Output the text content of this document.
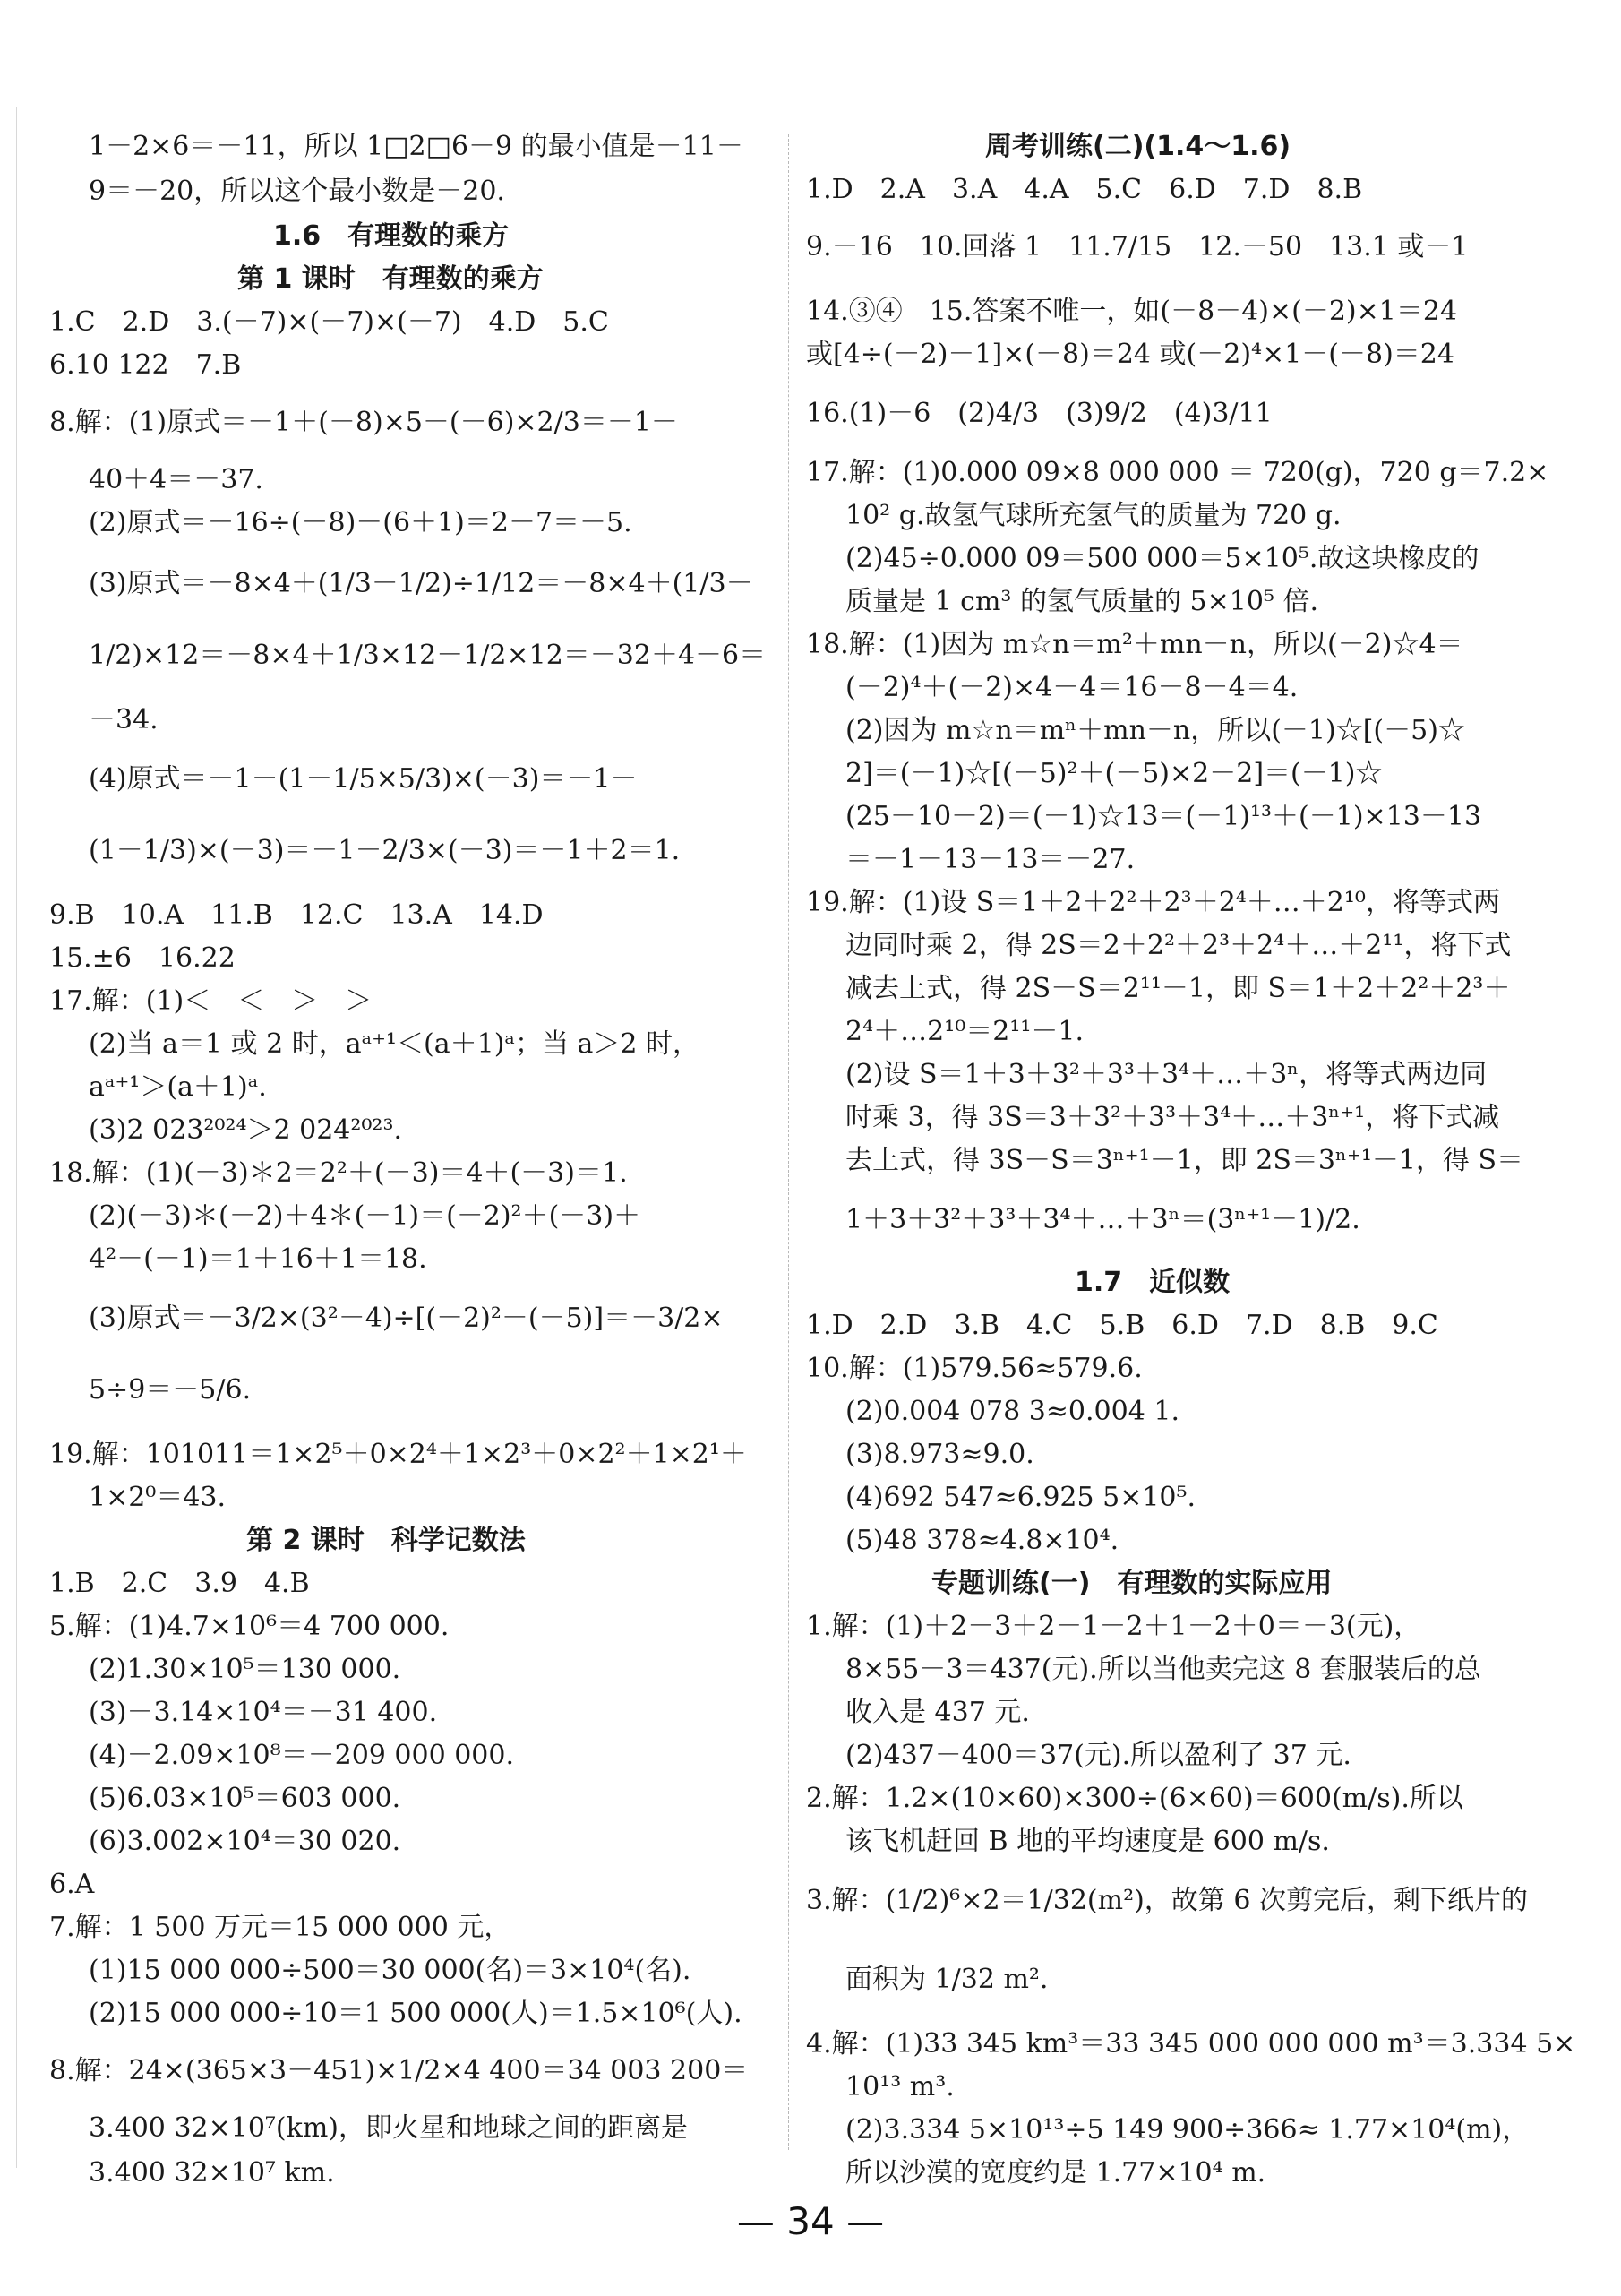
1－2×6＝－11，所以 1□2□6－9 的最小值是－11－
9＝－20，所以这个最小数是－20.
1.6　有理数的乘方
第 1 课时　有理数的乘方
1.C　2.D　3.(－7)×(－7)×(－7)　4.D　5.C
6.10 122　7.B
8.解：(1)原式＝－1＋(－8)×5－(－6)×2/3＝－1－
40＋4＝－37.
(2)原式＝－16÷(－8)－(6＋1)＝2－7＝－5.
(3)原式＝－8×4＋(1/3－1/2)÷1/12＝－8×4＋(1/3－
1/2)×12＝－8×4＋1/3×12－1/2×12＝－32＋4－6＝
－34.
(4)原式＝－1－(1－1/5×5/3)×(－3)＝－1－
(1－1/3)×(－3)＝－1－2/3×(－3)＝－1＋2＝1.
9.B　10.A　11.B　12.C　13.A　14.D
15.±6　16.22
17.解：(1)＜　＜　＞　＞
(2)当 a＝1 或 2 时，aᵃ⁺¹＜(a＋1)ᵃ；当 a＞2 时，
aᵃ⁺¹＞(a＋1)ᵃ.
(3)2 023²⁰²⁴＞2 024²⁰²³.
18.解：(1)(－3)＊2＝2²＋(－3)＝4＋(－3)＝1.
(2)(－3)＊(－2)＋4＊(－1)＝(－2)²＋(－3)＋
4²－(－1)＝1＋16＋1＝18.
(3)原式＝－3/2×(3²－4)÷[(－2)²－(－5)]＝－3/2×
5÷9＝－5/6.
19.解：101011＝1×2⁵＋0×2⁴＋1×2³＋0×2²＋1×2¹＋
1×2⁰＝43.
第 2 课时　科学记数法
1.B　2.C　3.9　4.B
5.解：(1)4.7×10⁶＝4 700 000.
(2)1.30×10⁵＝130 000.
(3)－3.14×10⁴＝－31 400.
(4)－2.09×10⁸＝－209 000 000.
(5)6.03×10⁵＝603 000.
(6)3.002×10⁴＝30 020.
6.A
7.解：1 500 万元＝15 000 000 元，
(1)15 000 000÷500＝30 000(名)＝3×10⁴(名).
(2)15 000 000÷10＝1 500 000(人)＝1.5×10⁶(人).
8.解：24×(365×3－451)×1/2×4 400＝34 003 200＝
3.400 32×10⁷(km)，即火星和地球之间的距离是
3.400 32×10⁷ km.
周考训练(二)(1.4～1.6)
1.D　2.A　3.A　4.A　5.C　6.D　7.D　8.B
9.－16　10.回落 1　11.7/15　12.－50　13.1 或－1
14.③④　15.答案不唯一，如(－8－4)×(－2)×1＝24
或[4÷(－2)－1]×(－8)＝24 或(－2)⁴×1－(－8)＝24
16.(1)－6　(2)4/3　(3)9/2　(4)3/11
17.解：(1)0.000 09×8 000 000 ＝ 720(g)，720 g＝7.2×
10² g.故氢气球所充氢气的质量为 720 g.
(2)45÷0.000 09＝500 000＝5×10⁵.故这块橡皮的
质量是 1 cm³ 的氢气质量的 5×10⁵ 倍.
18.解：(1)因为 m☆n＝m²＋mn－n，所以(－2)☆4＝
(－2)⁴＋(－2)×4－4＝16－8－4＝4.
(2)因为 m☆n＝mⁿ＋mn－n，所以(－1)☆[(－5)☆
2]＝(－1)☆[(－5)²＋(－5)×2－2]＝(－1)☆
(25－10－2)＝(－1)☆13＝(－1)¹³＋(－1)×13－13
＝－1－13－13＝－27.
19.解：(1)设 S＝1＋2＋2²＋2³＋2⁴＋…＋2¹⁰，将等式两
边同时乘 2，得 2S＝2＋2²＋2³＋2⁴＋…＋2¹¹，将下式
减去上式，得 2S－S＝2¹¹－1，即 S＝1＋2＋2²＋2³＋
2⁴＋…2¹⁰＝2¹¹－1.
(2)设 S＝1＋3＋3²＋3³＋3⁴＋…＋3ⁿ，将等式两边同
时乘 3，得 3S＝3＋3²＋3³＋3⁴＋…＋3ⁿ⁺¹，将下式减
去上式，得 3S－S＝3ⁿ⁺¹－1，即 2S＝3ⁿ⁺¹－1，得 S＝
1＋3＋3²＋3³＋3⁴＋…＋3ⁿ＝(3ⁿ⁺¹－1)/2.
1.7　近似数
1.D　2.D　3.B　4.C　5.B　6.D　7.D　8.B　9.C
10.解：(1)579.56≈579.6.
(2)0.004 078 3≈0.004 1.
(3)8.973≈9.0.
(4)692 547≈6.925 5×10⁵.
(5)48 378≈4.8×10⁴.
专题训练(一)　有理数的实际应用
1.解：(1)＋2－3＋2－1－2＋1－2＋0＝－3(元)，
8×55－3＝437(元).所以当他卖完这 8 套服装后的总
收入是 437 元.
(2)437－400＝37(元).所以盈利了 37 元.
2.解：1.2×(10×60)×300÷(6×60)＝600(m/s).所以
该飞机赶回 B 地的平均速度是 600 m/s.
3.解：(1/2)⁶×2＝1/32(m²)，故第 6 次剪完后，剩下纸片的
面积为 1/32 m².
4.解：(1)33 345 km³＝33 345 000 000 000 m³＝3.334 5×
10¹³ m³.
(2)3.334 5×10¹³÷5 149 900÷366≈ 1.77×10⁴(m)，
所以沙漠的宽度约是 1.77×10⁴ m.
— 34 —
